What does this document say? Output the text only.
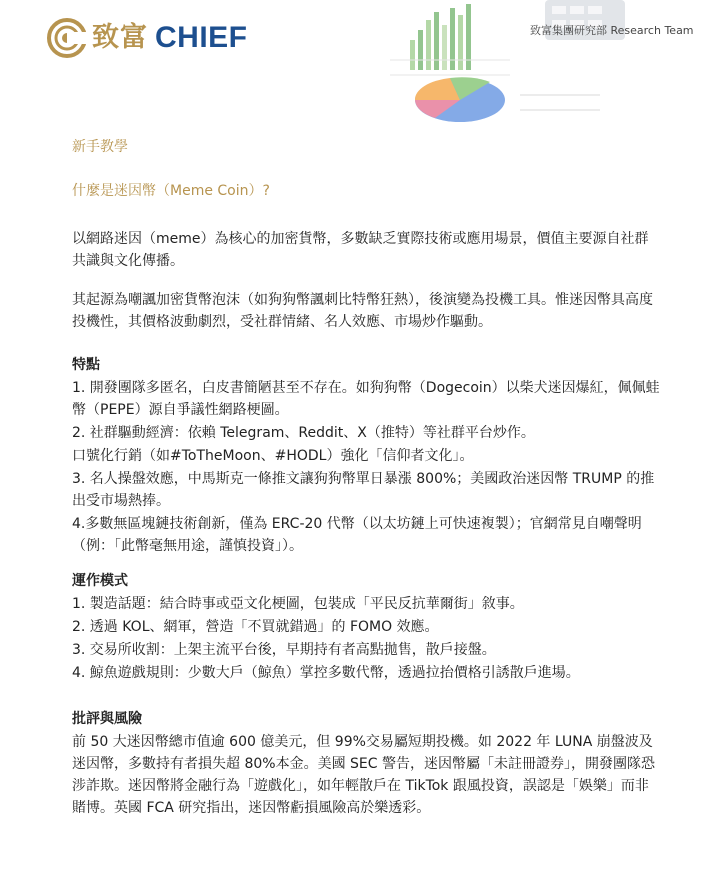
致富 CHIEF	致富集團研究部 Research Team
新手教學
什麼是迷因幣（Meme Coin）?

以網路迷因（meme）為核心的加密貨幣，多數缺乏實際技術或應用場景，價值主要源自社群共識與文化傳播。

其起源為嘲諷加密貨幣泡沫（如狗狗幣諷刺比特幣狂熱），後演變為投機工具。惟迷因幣具高度投機性，其價格波動劇烈，受社群情緒、名人效應、市場炒作驅動。

特點

1. 開發團隊多匿名，白皮書簡陋甚至不存在。如狗狗幣（Dogecoin）以柴犬迷因爆紅，佩佩蛙幣（PEPE）源自爭議性網路梗圖。

2. 社群驅動經濟：依賴 Telegram、Reddit、X（推特）等社群平台炒作。

口號化行銷（如#ToTheMoon、#HODL）強化「信仰者文化」。

3. 名人操盤效應，中馬斯克一條推文讓狗狗幣單日暴漲 800%；美國政治迷因幣 TRUMP 的推出受市場熱捧。

4.多數無區塊鏈技術創新，僅為 ERC-20 代幣（以太坊鏈上可快速複製）；官網常見自嘲聲明（例：「此幣毫無用途，謹慎投資」）。

運作模式

1. 製造話題：結合時事或亞文化梗圖，包裝成「平民反抗華爾街」敘事。

2. 透過 KOL、網軍，營造「不買就錯過」的 FOMO 效應。

3. 交易所收割：上架主流平台後，早期持有者高點拋售，散戶接盤。

4. 鯨魚遊戲規則：少數大戶（鯨魚）掌控多數代幣，透過拉抬價格引誘散戶進場。

批評與風險

前 50 大迷因幣總市值逾 600 億美元，但 99%交易屬短期投機。如 2022 年 LUNA 崩盤波及迷因幣，多數持有者損失超 80%本金。美國 SEC 警告，迷因幣屬「未註冊證券」，開發團隊恐涉詐欺。迷因幣將金融行為「遊戲化」，如年輕散戶在 TikTok 跟風投資，誤認是「娛樂」而非賭博。英國 FCA 研究指出，迷因幣虧損風險高於樂透彩。
